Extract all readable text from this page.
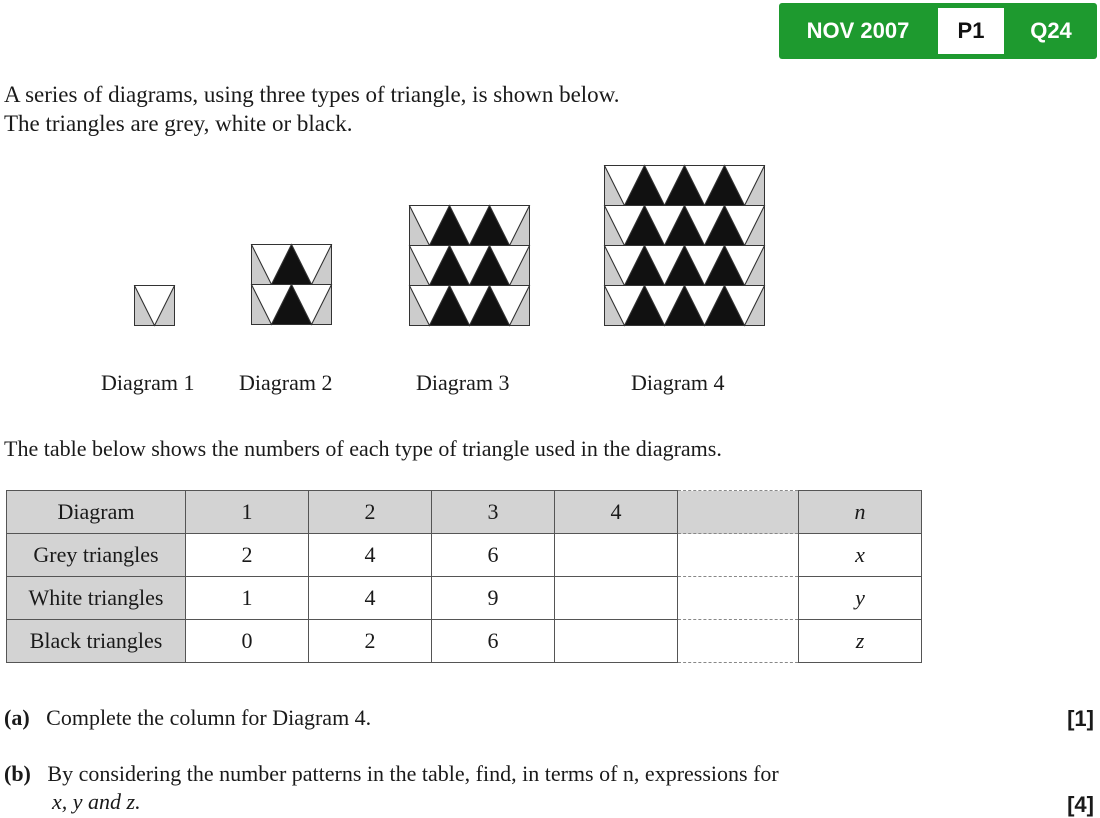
NOV 2007	P1	Q24
A series of diagrams, using three types of triangle, is shown below.
The triangles are grey, white or black.
Diagram 1 Diagram 2	Diagram 3	Diagram 4
The table below shows the numbers of each type of triangle used in the diagrams.
Diagram	1	2	3	4		n
Grey triangles	2	4	6			x
White triangles	1	4	9			y
Black triangles	0	2	6			z
(a) Complete the column for Diagram 4.	[1]
(b) By considering the number patterns in the table, find, in terms of n, expressions for
x, y and z.	[4]
